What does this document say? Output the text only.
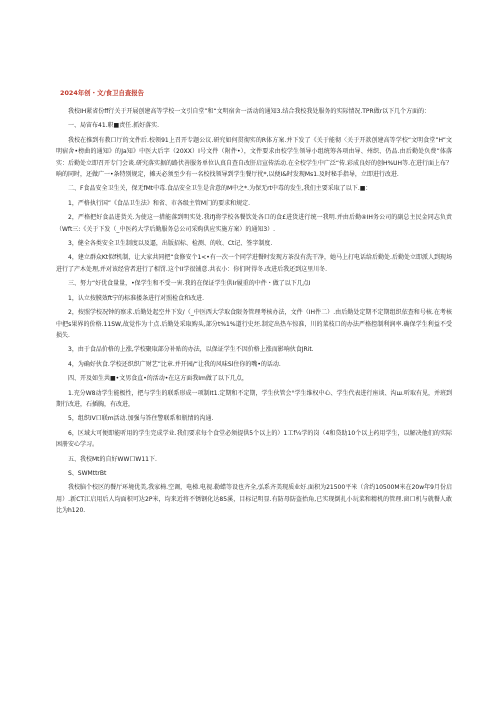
2024年创・文/食卫自查报告

我校IH紧省份ff行关于开展创建高等学校一文引自堂”和“文明宿舍一活动的通知3.结合我校我处服务的实际情况.TPR做r以下几个方面的：

一、局宙布41.职■责任.抓好落实.

我校在推到有教口厅的文件后.校领91上召开专题公议.研究如何贯彻实的R体方案.并下发了《关于能彻〈关于开款创建高等学校“文明食堂”H”文明宿舍•榜曲的通知》的Ja知》中医大后字（20XX）I号文件（附件•），文件要求由校学生领导小组统筹各项由导、州织、仍品.由后勤处负费”体落实：后勤处立即召开专门会谈.研究落实据的路伏善服务单位认真自查自改肝启宣传活动.在全校学生中广泛“传.彩成良好的创H%UH等.在进行面上布？晌的同时，还做广一•条特别规定，摊天必须至少有一名校找领导到学生餐厅扰*,以便I&时发现Ms1.及时秘手指导，立即进行改进.

二、F食品安全卫生关，保无fMt中毒.食品安全卫生是含意的M中之*.为保无rt中毒的发生,我们主要采取了以下.■：

1，严格执行国”《食品卫生法》和省、市各级主管M门的要求和规定.

2，严格把好食品进货关.为使这一措能落到明实处.我ifJ将学校各餐饮处各口的食£进货进行统一我明.并由后勤④IH务公司的副总主民金同志负责（Wft三:《关于下发（_中医药大学后勤服务总公司采购供应实施方案）的通知3）.

3，健全各类安全卫生制度以及逼，出版招标、检测、的收、Ct记、签字制度.

4，建立群众Kt似f机制，让大家共同把“食修安个1<•有一次一个同学进餐时发现方茶没有洗干净，她马上打电话给后勤处.后勤处立即派人到现场进行了产木处理,并对该经营者进行了相罚.这个II学很铺意.共衣小：你们时得冬.改进后我还到这里川冬.

三、努力“好优食量量，•保学生和不受一害.我的在保证学生供Ir履重的中件・做了以下几点I

1，认立按膜效ft宁的标准搂条进行对照检食和改进.

2，按照学校况钟的察求.后勤处起空井下发/（_中医西大学取食限务管理考核办法，文件（IH件二）.由后勤处定期不定期组织依查和号核.在考核中把s果界的价格.11SW,故觉作为十点.后勤处采取购头,部分t%1%道行史坯.制定出热车惊准，川的菜枝口的办法严格控制利润率.确保学生利益不受损失.

3，由于食品价格的上涨,学校聚取部分补贴的办法，以保证学生不因价格上涨而影响伙食JRit.

4，为确好伙食.学校还织织广财艺”比章.并开园/“让我的风味Sl住你的嘴•的话动.

四、开及如生共■•文男食直•的活动•在这方面我Im做了以下几点，

1.充分W8动学生能极性，把与学生的联系形成一项制It1.定期和不定期，学生伙管会°学生维权中心、学生代表进行座谈、沟ш.听取有见，并班到期行改进，石插胸，有改进，

5，组织IV口联m活动.加强与答住警联系和瓶情的沟通.

6，区域大可便即能听用的学生完成学业.我们要求每个食堂必须提供5个以上的）1工f¼学的岗（4和贷助10个以上药用学生，以解决他们的实际困册安心学习。

五、我校Mt的自好WW口W11下.

S、SWMttrBt

我校脑个校区的餐厅环境优美,我家椅.空调，电梯.电视.勒蜡等设也齐全,弘系齐美现质业好.面积为21500平米（含约10500M米在20w年9月份启用）.新CT江启用后人均面积可达2P米，均来近将不锈钢化达85溪，目标记明显.有防母防盗抬角,已实现倒扎小玩菜和精机的管理.窗口机与就餐人敢比为h120.
